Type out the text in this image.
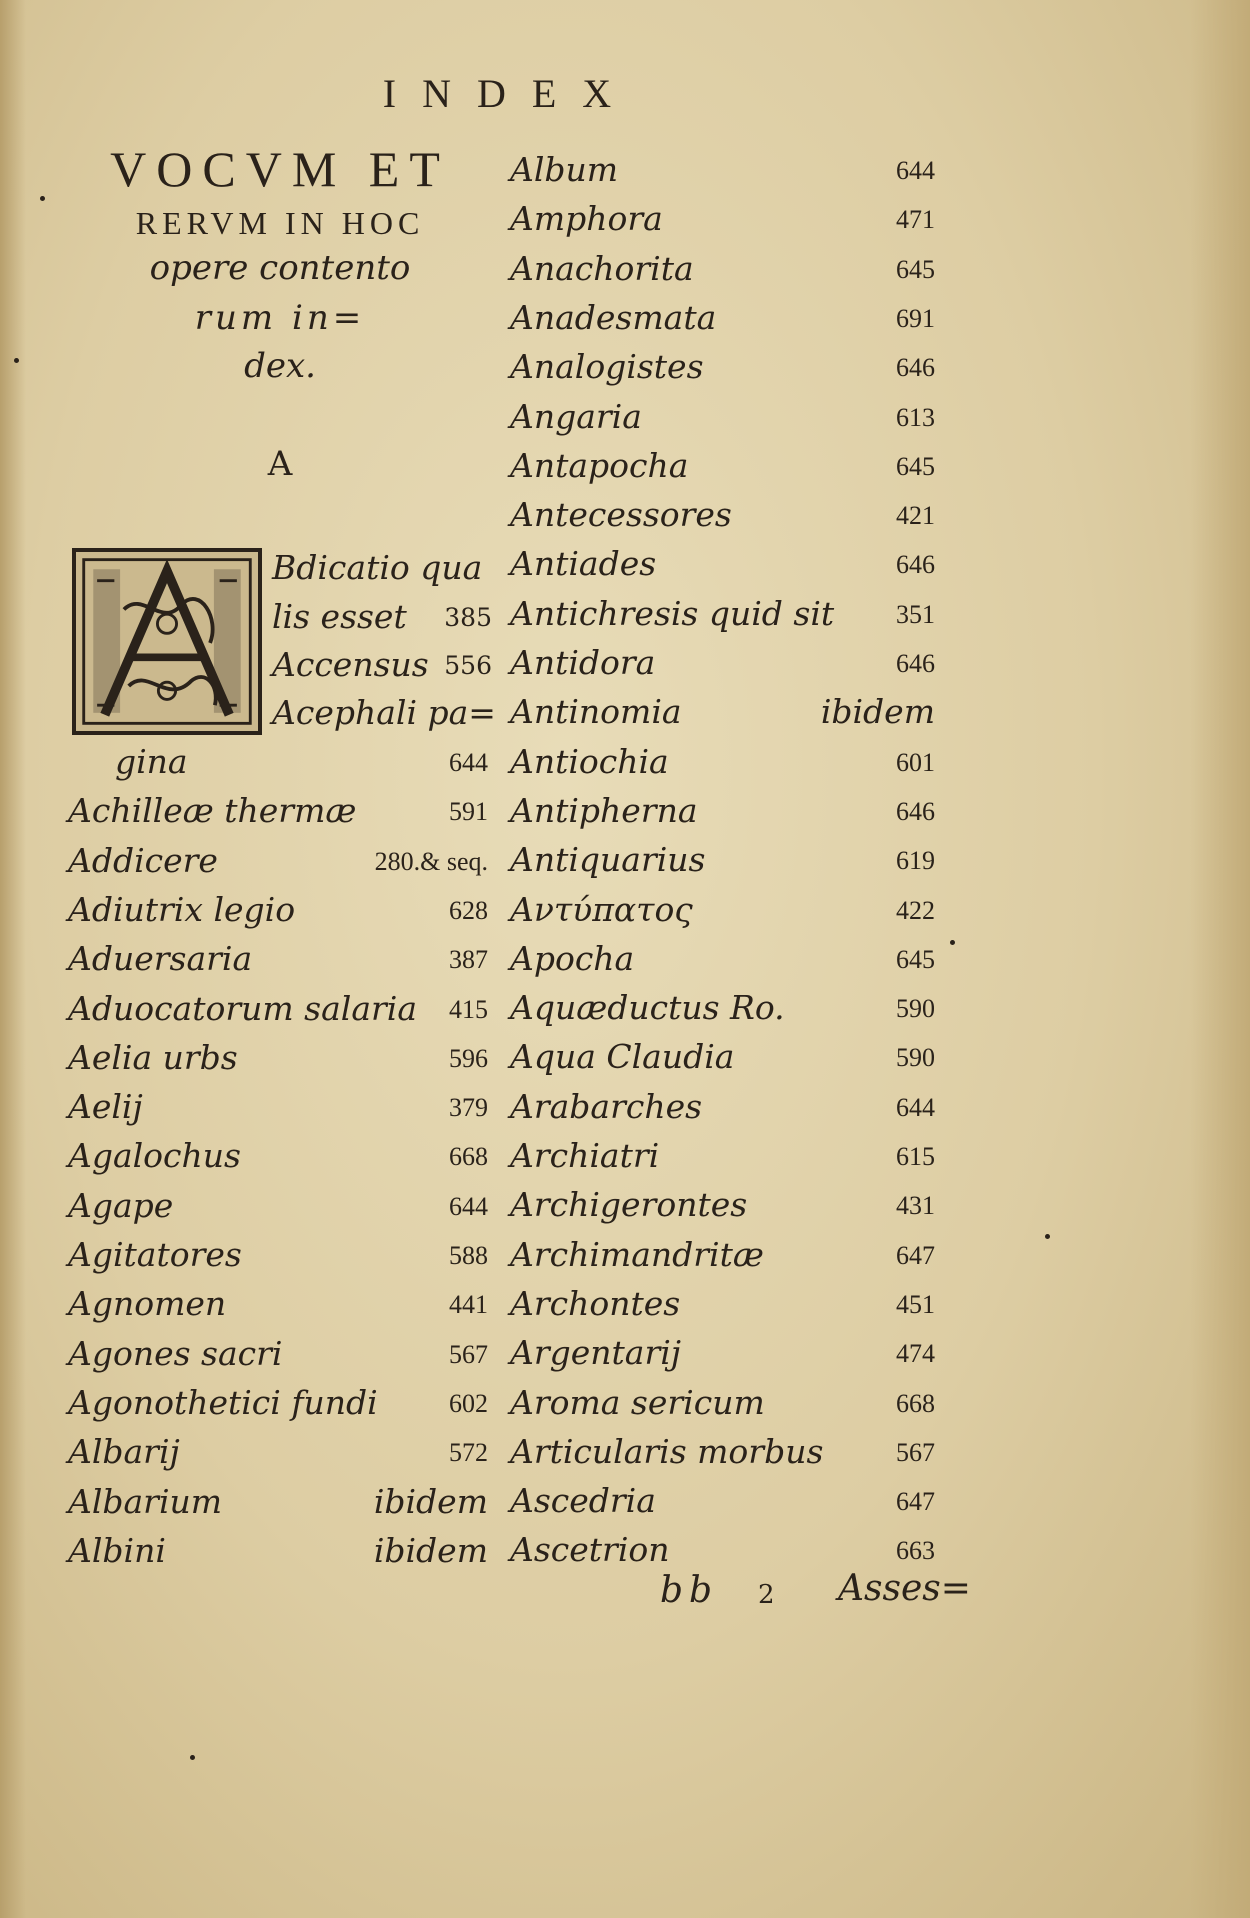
INDEX
VOCVM ET
RERVM IN HOC
opere contento
rum in=
dex.
A
Bdicatio qua
lis esset 385
Accensus 556
Acephali pa=
gina	644
Achilleæ thermæ	591
Addicere	280.& seq.
Adiutrix legio	628
Aduersaria	387
Aduocatorum salaria 415
Aelia urbs	596
Aelij	379
Agalochus	668
Agape	644
Agitatores	588
Agnomen	441
Agones sacri	567
Agonothetici fundi	602
Albarij	572
Albarium	ibidem
Albini	ibidem
Album	644
Amphora	471
Anachorita	645
Anadesmata	691
Analogistes	646
Angaria	613
Antapocha	645
Antecessores	421
Antiades	646
Antichresis quid sit 351
Antidora	646
Antinomia	ibidem
Antiochia	601
Antipherna	646
Antiquarius	619
Αντύπατος	422
Apocha	645
Aquæductus Ro.	590
Aqua Claudia	590
Arabarches	644
Archiatri	615
Archigerontes	431
Archimandritæ	647
Archontes	451
Argentarij	474
Aroma sericum	668
Articularis morbus	567
Ascedria	647
Ascetrion	663
bb 2 Asses=
